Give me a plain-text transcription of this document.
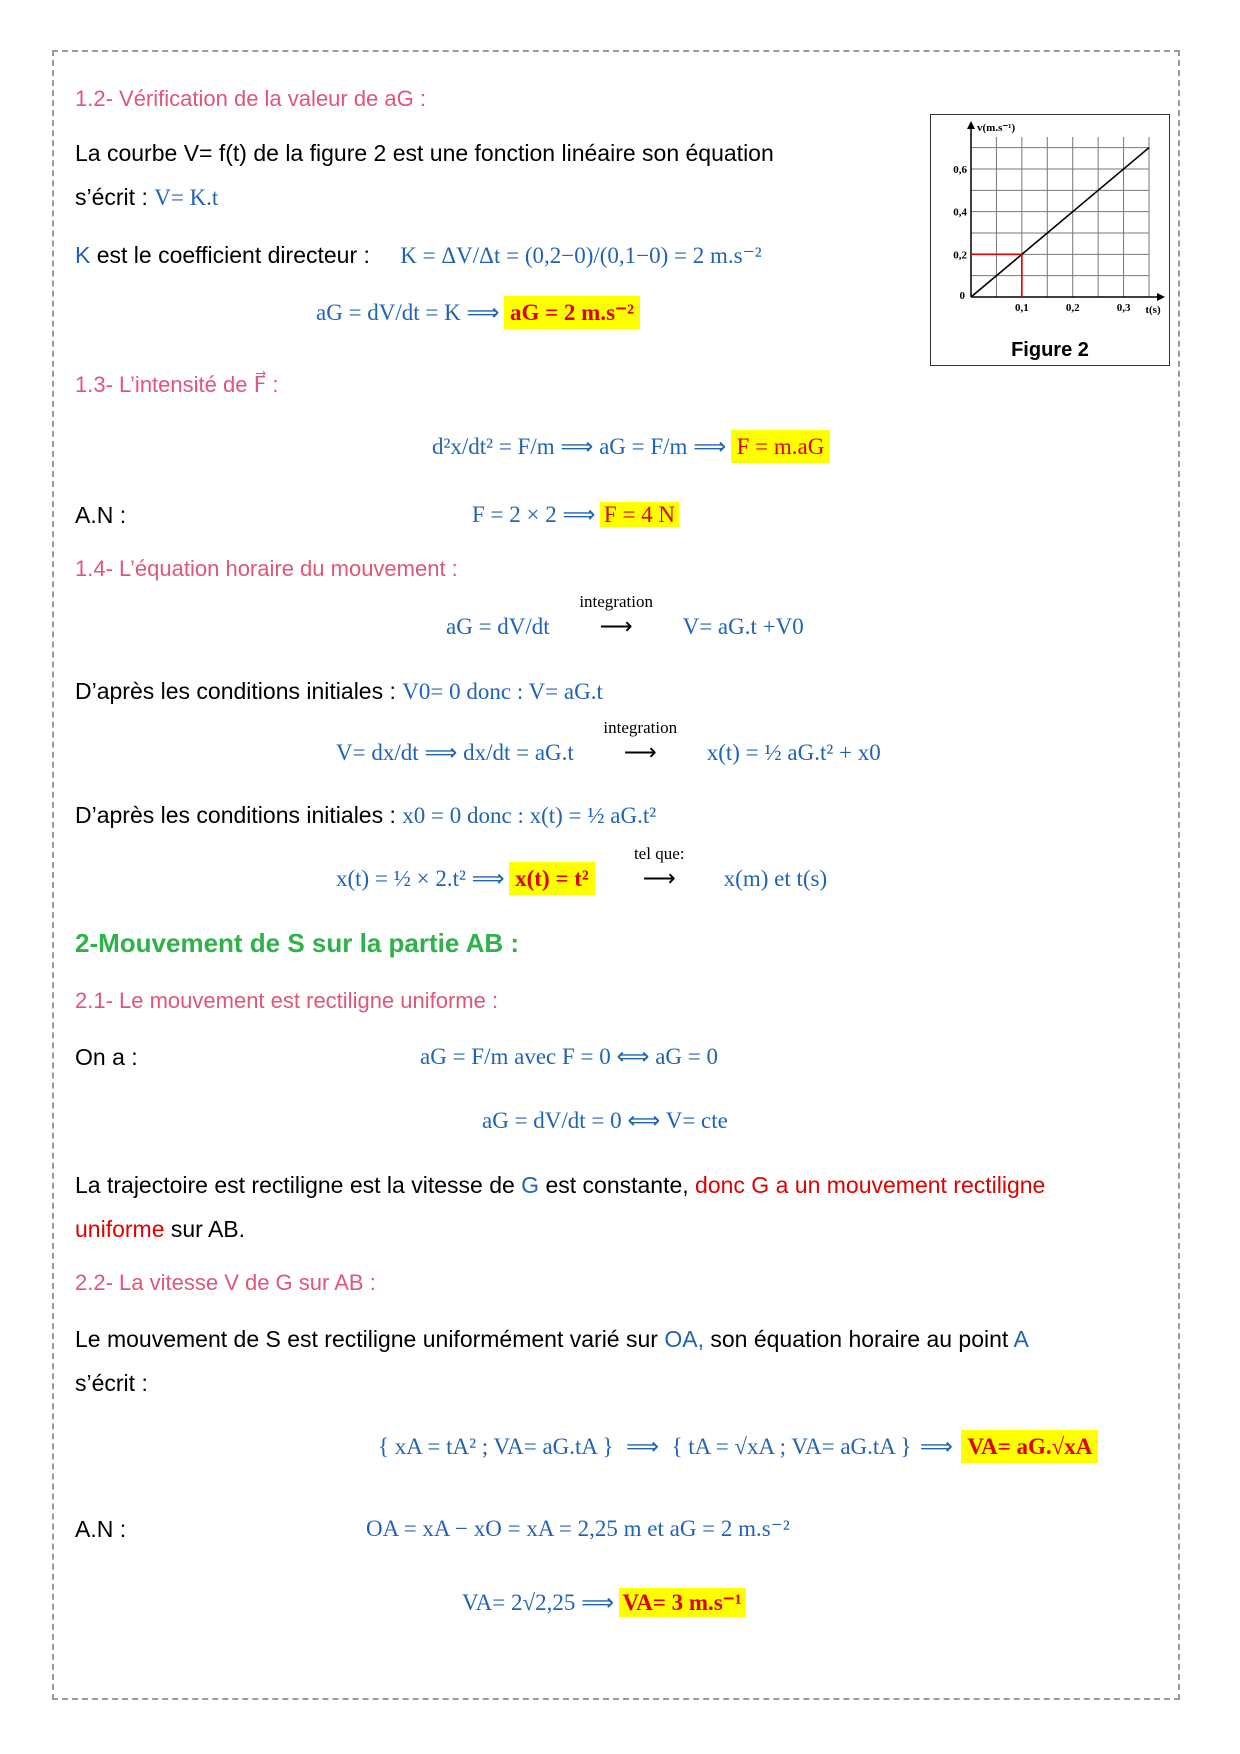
1.2- Vérification de la valeur de aG :
La courbe V= f(t) de la figure 2 est une fonction linéaire son équation
s’écrit : V= K.t
K est le coefficient directeur : K = ΔV/Δt = (0,2−0)/(0,1−0) = 2 m.s⁻²
aG = dV/dt = K ⟹ aG = 2 m.s⁻²
0,2
0,4
0,6
0,1	0,2	0,3
0
v(m.s⁻¹)
t(s)
Figure 2
1.3- L’intensité de F⃗ :
d²x/dt² = F/m ⟹ aG = F/m ⟹ F = m.aG
A.N :	F = 2 × 2 ⟹ F = 4 N
1.4- L’équation horaire du mouvement :
aG = dV/dt
integration
⟶ V= aG.t +V0
D’après les conditions initiales : V0= 0 donc : V= aG.t
V= dx/dt ⟹ dx/dt = aG.t
integration
⟶ x(t) = ½ aG.t² + x0
D’après les conditions initiales : x0 = 0 donc : x(t) = ½ aG.t²
x(t) = ½ × 2.t² ⟹ x(t) = t²
tel que:
⟶ x(m) et t(s)
2-Mouvement de S sur la partie AB :
2.1- Le mouvement est rectiligne uniforme :
On a :	aG = F/m avec F = 0 ⟺ aG = 0
aG = dV/dt = 0 ⟺ V= cte
La trajectoire est rectiligne est la vitesse de G est constante, donc G a un mouvement rectiligne
uniforme sur AB.
2.2- La vitesse V de G sur AB :
Le mouvement de S est rectiligne uniformément varié sur OA, son équation horaire au point A
s’écrit :
{ xA = tA² ; VA= aG.tA } ⟹ { tA = √xA ; VA= aG.tA } ⟹ VA= aG.√xA
A.N :	OA = xA − xO = xA = 2,25 m et aG = 2 m.s⁻²
VA= 2√2,25 ⟹ VA= 3 m.s⁻¹
